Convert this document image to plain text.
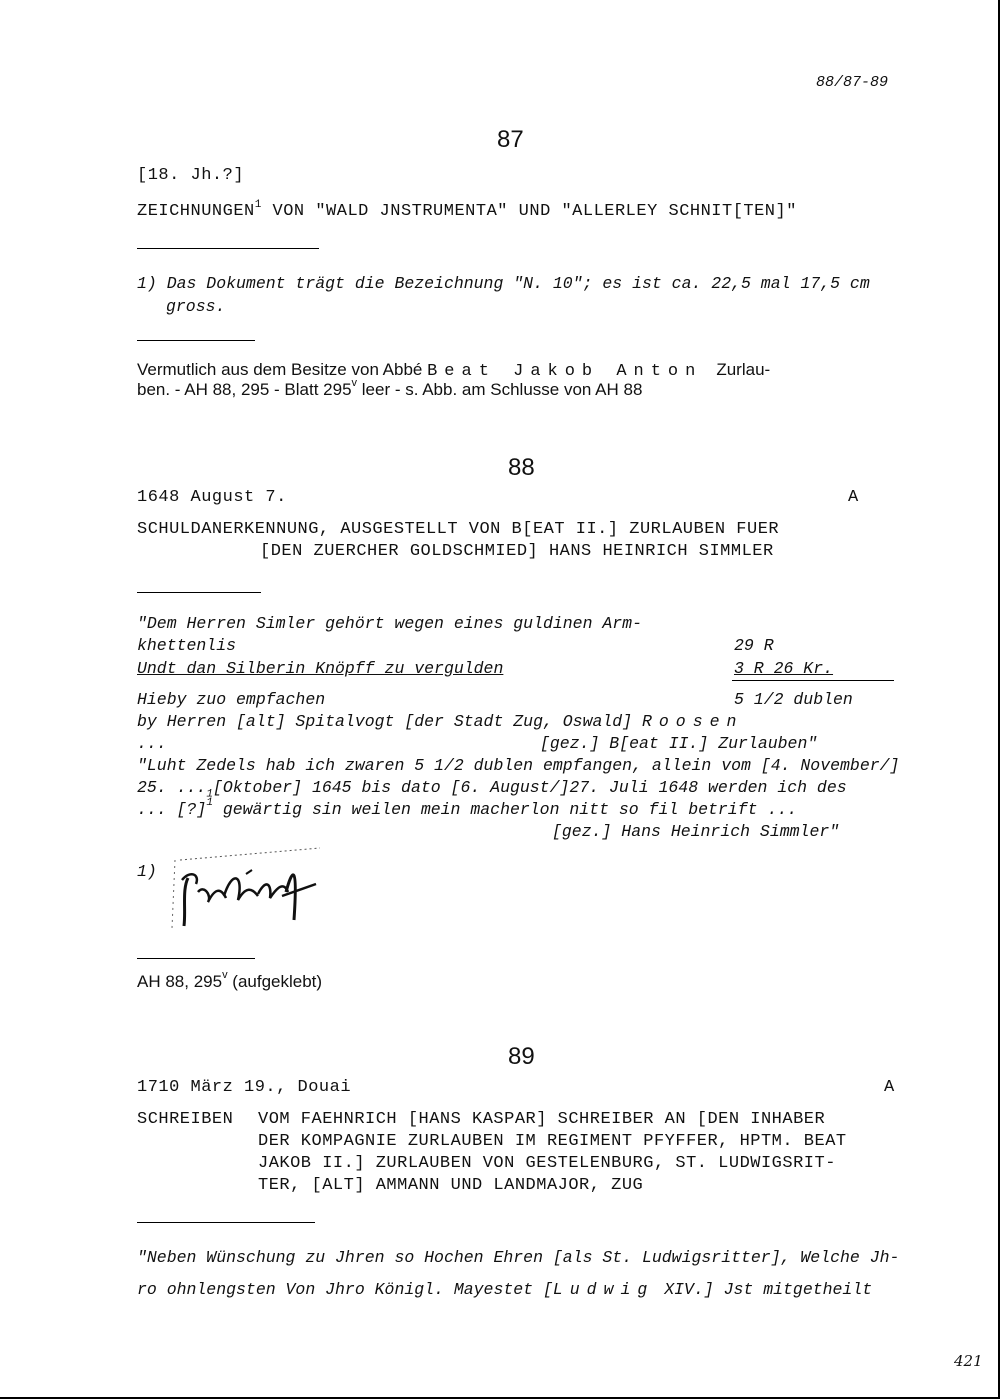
88/87-89
87
[18. Jh.?]
ZEICHNUNGEN$^1$ VON "WALD JNSTRUMENTA" UND "ALLERLEY SCHNIT[TEN]"
1) Das Dokument trägt die Bezeichnung "N. 10"; es ist ca. 22,5 mal 17,5 cm
gross.
Vermutlich aus dem Besitze von Abbé Beat Jakob Anton Zurlau-
ben. - AH 88, 295 - Blatt 295$^v$ leer - s. Abb. am Schlusse von AH 88
88
1648 August 7.	A
SCHULDANERKENNUNG, AUSGESTELLT VON B[EAT II.] ZURLAUBEN FUER
[DEN ZUERCHER GOLDSCHMIED] HANS HEINRICH SIMMLER
"Dem Herren Simler gehört wegen eines guldinen Arm-
khettenlis	29 R
Undt dan Silberin Knöpff zu vergulden	3 R 26 Kr.
Hieby zuo empfachen	5 1/2 dublen
by Herren [alt] Spitalvogt [der Stadt Zug, Oswald] Roosen
...	[gez.] B[eat II.] Zurlauben"
"Luht Zedels hab ich zwaren 5 1/2 dublen empfangen, allein vom [4. November/]
25. $..._1[Oktober]$ 1645 bis dato [6. August/]27. Juli 1648 werden ich des
... [?]$^1$ gewärtig sin weilen mein macherlon nitt so fil betrift ...
[gez.] Hans Heinrich Simmler"
1)
AH 88, 295$^v$ (aufgeklebt)
89
1710 März 19., Douai	A
SCHREIBEN VOM FAEHNRICH [HANS KASPAR] SCHREIBER AN [DEN INHABER
DER KOMPAGNIE ZURLAUBEN IM REGIMENT PFYFFER, HPTM. BEAT
JAKOB II.] ZURLAUBEN VON GESTELENBURG, ST. LUDWIGSRIT-
TER, [ALT] AMMANN UND LANDMAJOR, ZUG
"Neben Wünschung zu Jhren so Hochen Ehren [als St. Ludwigsritter], Welche Jh-
ro ohnlengsten Von Jhro Königl. Mayestet [Ludwig XIV.] Jst mitgetheilt
421
